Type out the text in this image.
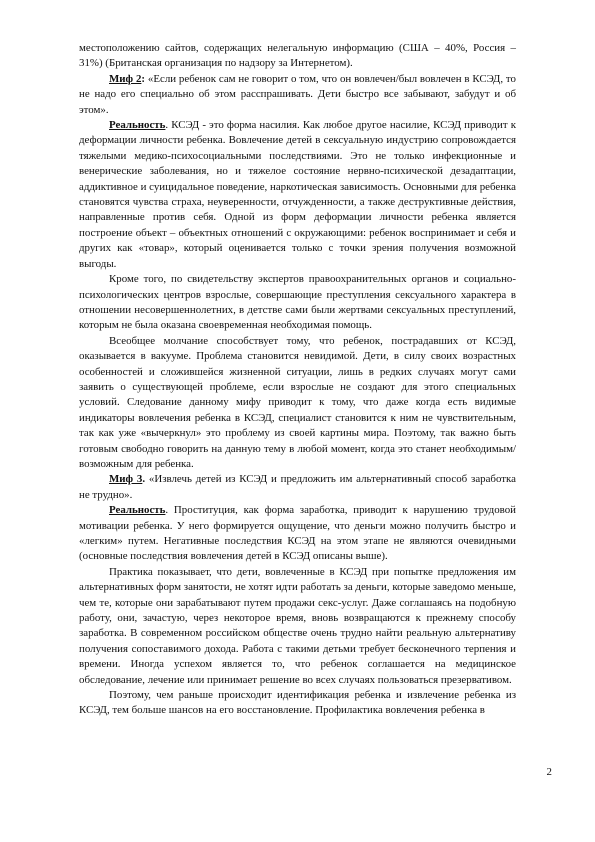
местоположению сайтов, содержащих нелегальную информацию (США – 40%, Россия – 31%) (Британская организация по надзору за Интернетом).

Миф 2: «Если ребенок сам не говорит о том, что он вовлечен/был вовлечен в КСЭД, то не надо его специально об этом расспрашивать. Дети быстро все забывают, забудут и об этом».

Реальность. КСЭД - это форма насилия. Как любое другое насилие, КСЭД приводит к деформации личности ребенка. Вовлечение детей в сексуальную индустрию сопровождается тяжелыми медико-психосоциальными последствиями. Это не только инфекционные и венерические заболевания, но и тяжелое состояние нервно-психической дезадаптации, аддиктивное и суицидальное поведение, наркотическая зависимость. Основными для ребенка становятся чувства страха, неуверенности, отчужденности, а также деструктивные действия, направленные против себя. Одной из форм деформации личности ребенка является построение объект – объектных отношений с окружающими: ребенок воспринимает и себя и других как «товар», который оценивается только с точки зрения получения возможной выгоды.

Кроме того, по свидетельству экспертов правоохранительных органов и социально-психологических центров взрослые, совершающие преступления сексуального характера в отношении несовершеннолетних, в детстве сами были жертвами сексуальных преступлений, которым не была оказана своевременная необходимая помощь.

Всеобщее молчание способствует тому, что ребенок, пострадавших от КСЭД, оказывается в вакууме. Проблема становится невидимой. Дети, в силу своих возрастных особенностей и сложившейся жизненной ситуации, лишь в редких случаях могут сами заявить о существующей проблеме, если взрослые не создают для этого специальных условий. Следование данному мифу приводит к тому, что даже когда есть видимые индикаторы вовлечения ребенка в КСЭД, специалист становится к ним не чувствительным, так как уже «вычеркнул» это проблему из своей картины мира. Поэтому, так важно быть готовым свободно говорить на данную тему в любой момент, когда это станет необходимым/ возможным для ребенка.

Миф 3. «Извлечь детей из КСЭД и предложить им альтернативный способ заработка не трудно».

Реальность. Проституция, как форма заработка, приводит к нарушению трудовой мотивации ребенка. У него формируется ощущение, что деньги можно получить быстро и «легким» путем. Негативные последствия КСЭД на этом этапе не являются очевидными (основные последствия вовлечения детей в КСЭД описаны выше).

Практика показывает, что дети, вовлеченные в КСЭД при попытке предложения им альтернативных форм занятости, не хотят идти работать за деньги, которые заведомо меньше, чем те, которые они зарабатывают путем продажи секс-услуг. Даже соглашаясь на подобную работу, они, зачастую, через некоторое время, вновь возвращаются к прежнему способу заработка. В современном российском обществе очень трудно найти реальную альтернативу получения сопоставимого дохода. Работа с такими детьми требует бесконечного терпения и времени. Иногда успехом является то, что ребенок соглашается на медицинское обследование, лечение или принимает решение во всех случаях пользоваться презервативом.

Поэтому, чем раньше происходит идентификация ребенка и извлечение ребенка из КСЭД, тем больше шансов на его восстановление. Профилактика вовлечения ребенка в

2
